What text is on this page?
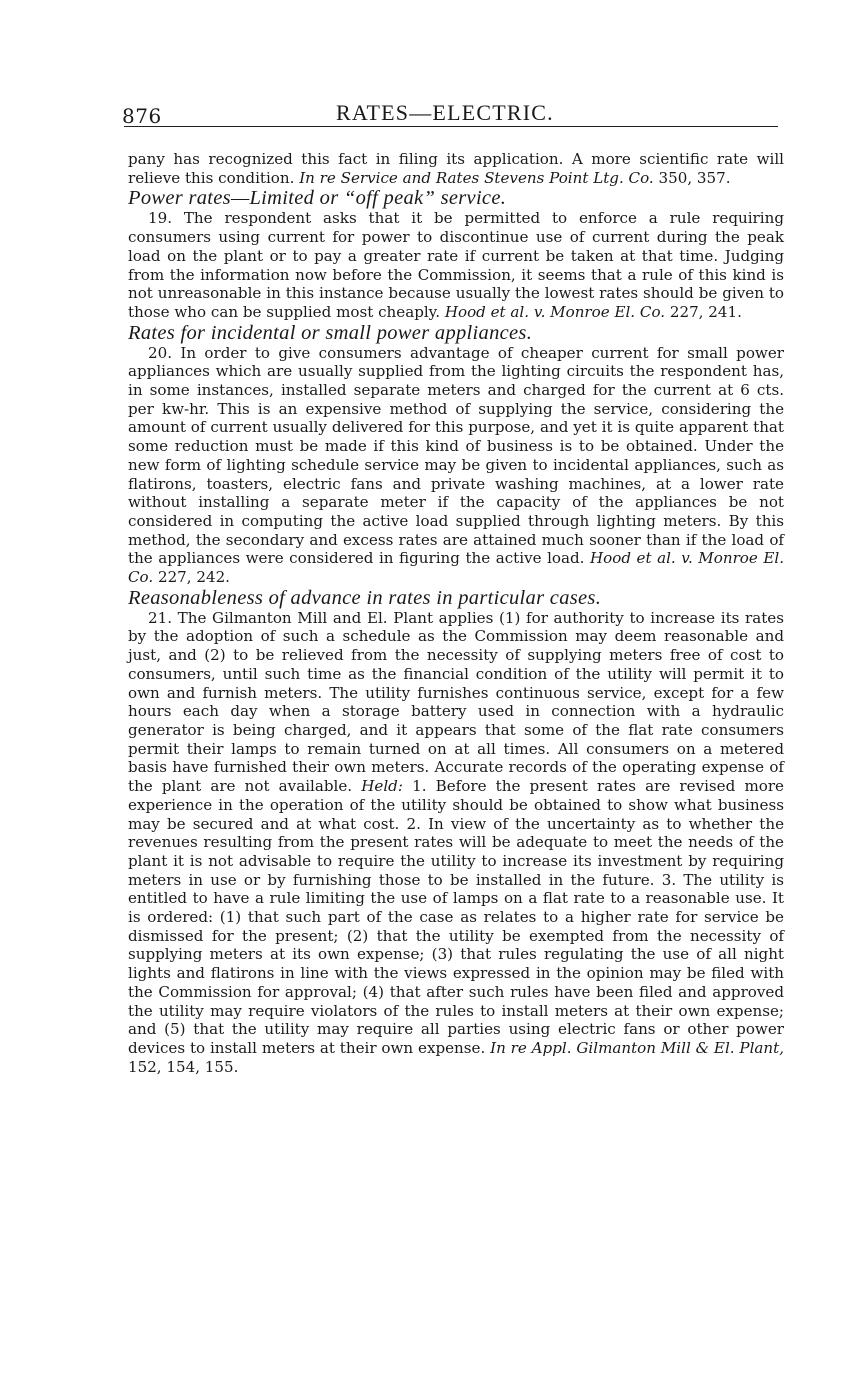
876	RATES—ELECTRIC.

pany has recognized this fact in filing its application. A more scientific rate will relieve this condition. In re Service and Rates Stevens Point Ltg. Co. 350, 357.

Power rates—Limited or “off peak” service.

19. The respondent asks that it be permitted to enforce a rule requiring consumers using current for power to discontinue use of current during the peak load on the plant or to pay a greater rate if current be taken at that time. Judging from the information now before the Commission, it seems that a rule of this kind is not unreasonable in this instance because usually the lowest rates should be given to those who can be supplied most cheaply. Hood et al. v. Monroe El. Co. 227, 241.

Rates for incidental or small power appliances.

20. In order to give consumers advantage of cheaper current for small power appliances which are usually supplied from the lighting circuits the respondent has, in some instances, installed separate meters and charged for the current at 6 cts. per kw-hr. This is an expensive method of supplying the service, considering the amount of current usually delivered for this purpose, and yet it is quite apparent that some reduction must be made if this kind of business is to be obtained. Under the new form of lighting schedule service may be given to incidental appliances, such as flatirons, toasters, electric fans and private washing machines, at a lower rate without installing a separate meter if the capacity of the appliances be not considered in computing the active load supplied through lighting meters. By this method, the secondary and excess rates are attained much sooner than if the load of the appliances were considered in figuring the active load. Hood et al. v. Monroe El. Co. 227, 242.

Reasonableness of advance in rates in particular cases.

21. The Gilmanton Mill and El. Plant applies (1) for authority to increase its rates by the adoption of such a schedule as the Commission may deem reasonable and just, and (2) to be relieved from the necessity of supplying meters free of cost to consumers, until such time as the financial condition of the utility will permit it to own and furnish meters. The utility furnishes continuous service, except for a few hours each day when a storage battery used in connection with a hydraulic generator is being charged, and it appears that some of the flat rate consumers permit their lamps to remain turned on at all times. All consumers on a metered basis have furnished their own meters. Accurate records of the operating expense of the plant are not available. Held: 1. Before the present rates are revised more experience in the operation of the utility should be obtained to show what business may be secured and at what cost. 2. In view of the uncertainty as to whether the revenues resulting from the present rates will be adequate to meet the needs of the plant it is not advisable to require the utility to increase its investment by requiring meters in use or by furnishing those to be installed in the future. 3. The utility is entitled to have a rule limiting the use of lamps on a flat rate to a reasonable use. It is ordered: (1) that such part of the case as relates to a higher rate for service be dismissed for the present; (2) that the utility be exempted from the necessity of supplying meters at its own expense; (3) that rules regulating the use of all night lights and flatirons in line with the views expressed in the opinion may be filed with the Commission for approval; (4) that after such rules have been filed and approved the utility may require violators of the rules to install meters at their own expense; and (5) that the utility may require all parties using electric fans or other power devices to install meters at their own expense. In re Appl. Gilmanton Mill & El. Plant, 152, 154, 155.
